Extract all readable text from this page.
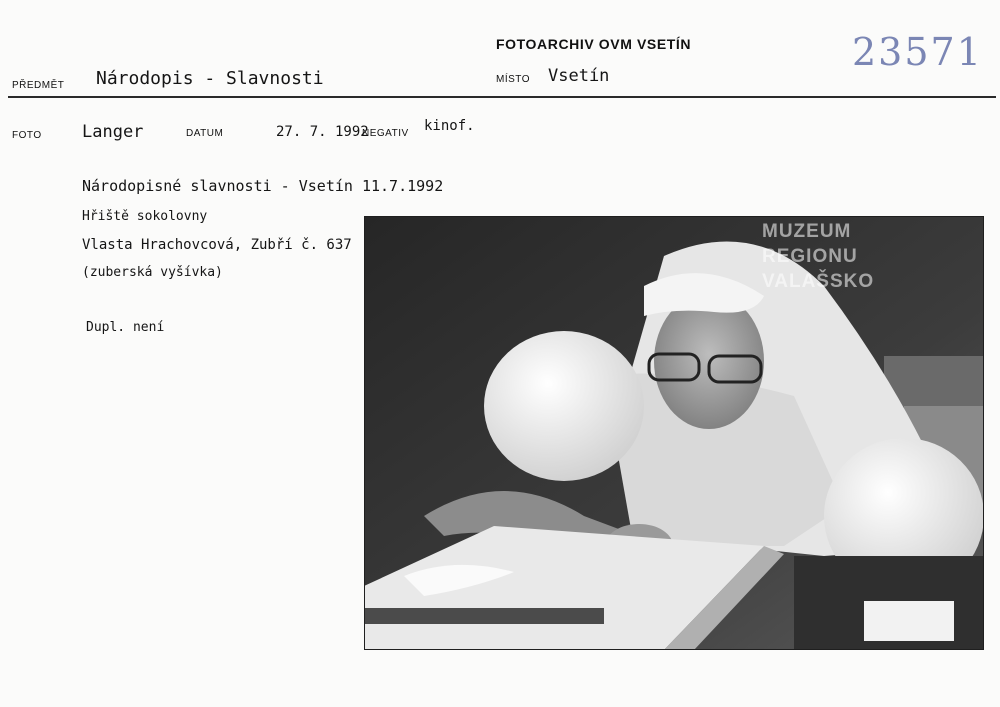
FOTOARCHIV OVM VSETÍN	23571
PŘEDMĚT Národopis - Slavnosti	MÍSTO Vsetín
FOTO Langer	DATUM	27. 7. 1992
NEGATIV kinof.
Národopisné slavnosti - Vsetín 11.7.1992
Hřiště sokolovny
Vlasta Hrachovcová, Zubří č. 637
(zuberská vyšívka)
Dupl. není
MUZEUM
REGIONU
VALAŠSKO
